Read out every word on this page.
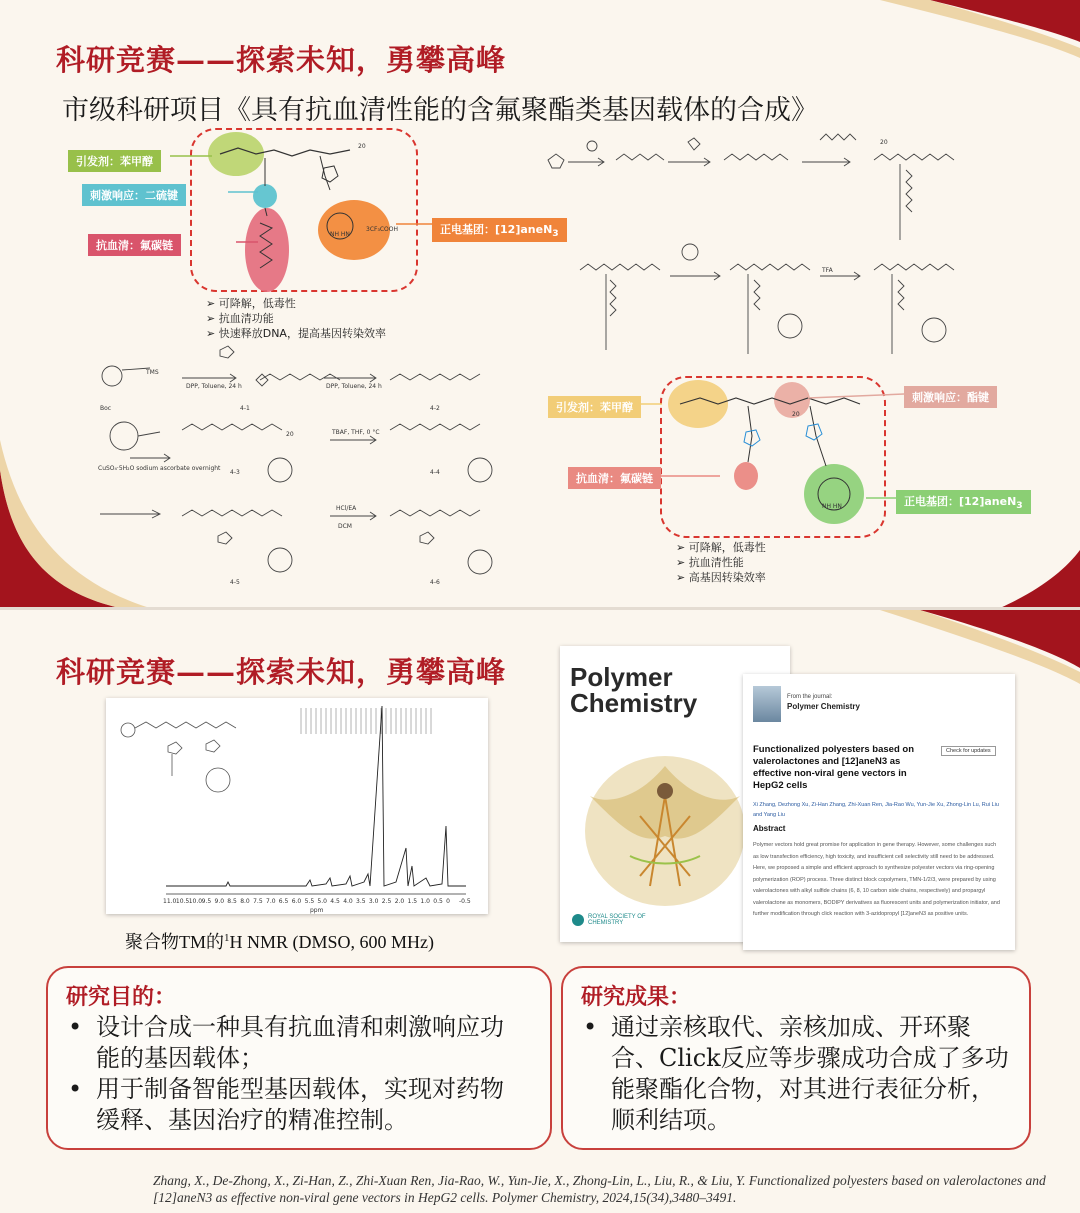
科研竞赛——探索未知，勇攀高峰
市级科研项目《具有抗血清性能的含氟聚酯类基因载体的合成》
NH HN
3CF₃COOH
20
引发剂：苯甲醇
刺激响应：二硫键
抗血清：氟碳链
正电基团：[12]aneN$_3$
➢ 可降解，低毒性
➢ 抗血清功能
➢ 快速释放DNA，提高基因转染效率
DPP, Toluene, 24 h	DPP, Toluene, 24 h
TMS
4-1	4-2
CuSO₄·5H₂O sodium ascorbate overnight
TBAF, THF, 0 °C
4-3	4-4
HCl/EA
DCM
4-5	4-6
20
Boc
TFA
20
NH HN
20
引发剂：苯甲醇
刺激响应：酯键
抗血清：氟碳链
正电基团：[12]aneN$_3$
➢ 可降解，低毒性
➢ 抗血清性能
➢ 高基因转染效率
科研竞赛——探索未知，勇攀高峰
11.0 10.5 10.0 9.5 9.0 8.5 8.0 7.5 7.0 6.5 6.0 5.5 5.0 4.5 4.0 3.5 3.0 2.5 2.0 1.5 1.0 0.5 0 -0.5
ppm
聚合物TM的$^1$H NMR (DMSO, 600 MHz)
Polymer
Chemistry
ROYAL SOCIETY OF CHEMISTRY
From the journal:
Polymer Chemistry
Functionalized polyesters based on valerolactones and [12]aneN3 as effective non-viral gene vectors in HepG2 cells
Check for updates
Xi Zhang, Dezhong Xu, Zi-Han Zhang, Zhi-Xuan Ren, Jia-Rao Wu, Yun-Jie Xu, Zhong-Lin Lu, Rui Liu and Yang Liu
Abstract
Polymer vectors hold great promise for application in gene therapy. However, some challenges such as low transfection efficiency, high toxicity, and insufficient cell selectivity still need to be addressed. Here, we proposed a simple and efficient approach to synthesize polyester vectors via ring-opening polymerization (ROP) process. Three distinct block copolymers, TMN-1/2/3, were prepared by using valerolactones with alkyl sulfide chains (6, 8, 10 carbon side chains, respectively) and propargyl valerolactone as monomers, BODIPY derivatives as fluorescent units and polymerization initiator, and further modification through click reaction with 3-azidopropyl [12]aneN3 as positive units.
研究目的：
• 设计合成一种具有抗血清和刺激响应功能的基因载体；
• 用于制备智能型基因载体，实现对药物缓释、基因治疗的精准控制。
研究成果：
• 通过亲核取代、亲核加成、开环聚合、Click反应等步骤成功合成了多功能聚酯化合物，对其进行表征分析，顺利结项。
Zhang, X., De-Zhong, X., Zi-Han, Z., Zhi-Xuan Ren, Jia-Rao, W., Yun-Jie, X., Zhong-Lin, L., Liu, R., & Liu, Y. Functionalized polyesters based on valerolactones and [12]aneN3 as effective non-viral gene vectors in HepG2 cells. Polymer Chemistry, 2024,15(34),3480–3491.
